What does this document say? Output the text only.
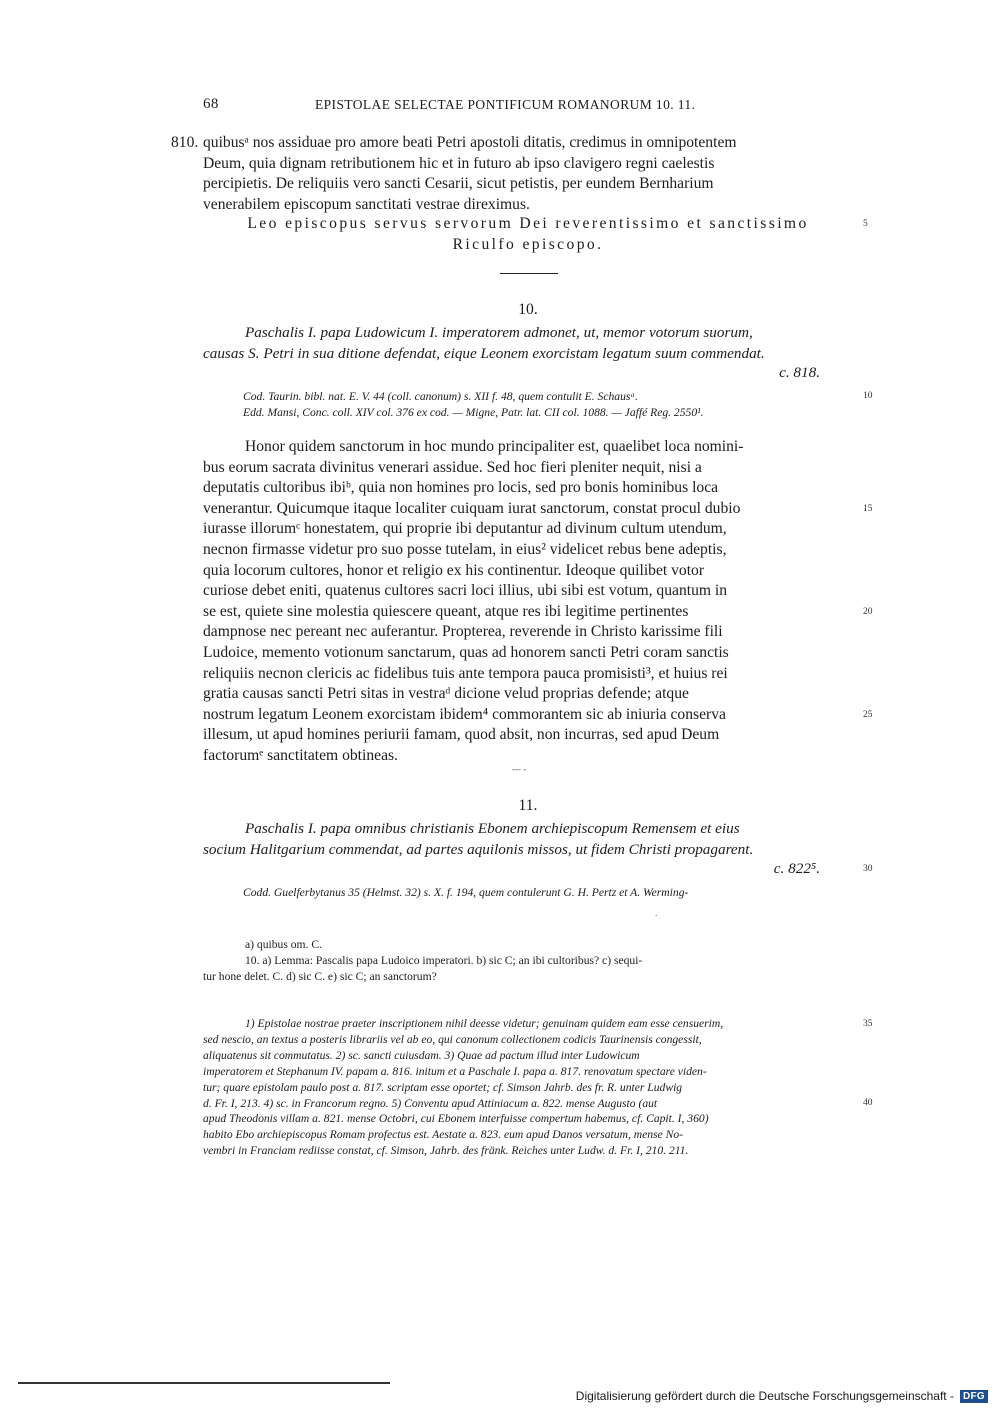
68	EPISTOLAE SELECTAE PONTIFICUM ROMANORUM 10. 11.
810. quibusᵃ nos assiduae pro amore beati Petri apostoli ditatis, credimus in omnipotentem
Deum, quia dignam retributionem hic et in futuro ab ipso clavigero regni caelestis
percipietis. De reliquiis vero sancti Cesarii, sicut petistis, per eundem Bernharium
venerabilem episcopum sanctitati vestrae direximus.
Leo episcopus servus servorum Dei reverentissimo et sanctissimo
Riculfo episcopo.
5
10.
Paschalis I. papa Ludowicum I. imperatorem admonet, ut, memor votorum suorum,
causas S. Petri in sua ditione defendat, eique Leonem exorcistam legatum suum commendat.
c. 818.
Cod. Taurin. bibl. nat. E. V. 44 (coll. canonum) s. XII f. 48, quem contulit E. Schausᵃ.
Edd. Mansi, Conc. coll. XIV col. 376 ex cod. — Migne, Patr. lat. CII col. 1088. — Jaffé Reg. 2550¹.
10
Honor quidem sanctorum in hoc mundo principaliter est, quaelibet loca nomini-
bus eorum sacrata divinitus venerari assidue. Sed hoc fieri pleniter nequit, nisi a
deputatis cultoribus ibiᵇ, quia non homines pro locis, sed pro bonis hominibus loca
venerantur. Quicumque itaque localiter cuiquam iurat sanctorum, constat procul dubio
iurasse illorumᶜ honestatem, qui proprie ibi deputantur ad divinum cultum utendum,
necnon firmasse videtur pro suo posse tutelam, in eius² videlicet rebus bene adeptis,
quia locorum cultores, honor et religio ex his continentur. Ideoque quilibet votor
curiose debet eniti, quatenus cultores sacri loci illius, ubi sibi est votum, quantum in
se est, quiete sine molestia quiescere queant, atque res ibi legitime pertinentes
dampnose nec pereant nec auferantur. Propterea, reverende in Christo karissime fili
Ludoice, memento votionum sanctarum, quas ad honorem sancti Petri coram sanctis
reliquiis necnon clericis ac fidelibus tuis ante tempora pauca promisisti³, et huius rei
gratia causas sancti Petri sitas in vestraᵈ dicione velud proprias defende; atque
nostrum legatum Leonem exorcistam ibidem⁴ commorantem sic ab iniuria conserva
illesum, ut apud homines periurii famam, quod absit, non incurras, sed apud Deum
factorumᵉ sanctitatem obtineas.
15
20
25
--- -
11.
Paschalis I. papa omnibus christianis Ebonem archiepiscopum Remensem et eius
socium Halitgarium commendat, ad partes aquilonis missos, ut fidem Christi propagarent.
c. 822⁵.	30
Codd. Guelferbytanus 35 (Helmst. 32) s. X. f. 194, quem contulerunt G. H. Pertz et A. Werming-
.
a) quibus om. C.
10. a) Lemma: Pascalis papa Ludoico imperatori. b) sic C; an ibi cultoribus? c) sequi-
tur hone delet. C. d) sic C. e) sic C; an sanctorum?
1) Epistolae nostrae praeter inscriptionem nihil deesse videtur; genuinam quidem eam esse censuerim,
sed nescio, an textus a posteris librariis vel ab eo, qui canonum collectionem codicis Taurinensis congessit,
aliquatenus sit commutatus. 2) sc. sancti cuiusdam. 3) Quae ad pactum illud inter Ludowicum
imperatorem et Stephanum IV. papam a. 816. initum et a Paschale I. papa a. 817. renovatum spectare viden-
tur; quare epistolam paulo post a. 817. scriptam esse oportet; cf. Simson Jahrb. des fr. R. unter Ludwig
d. Fr. I, 213. 4) sc. in Francorum regno. 5) Conventu apud Attiniacum a. 822. mense Augusto (aut
apud Theodonis villam a. 821. mense Octobri, cui Ebonem interfuisse compertum habemus, cf. Capit. I, 360)
habito Ebo archiepiscopus Romam profectus est. Aestate a. 823. eum apud Danos versatum, mense No-
vembri in Franciam rediisse constat, cf. Simson, Jahrb. des fränk. Reiches unter Ludw. d. Fr. I, 210. 211.
35
40
Digitalisierung gefördert durch die Deutsche Forschungsgemeinschaft - DFG
